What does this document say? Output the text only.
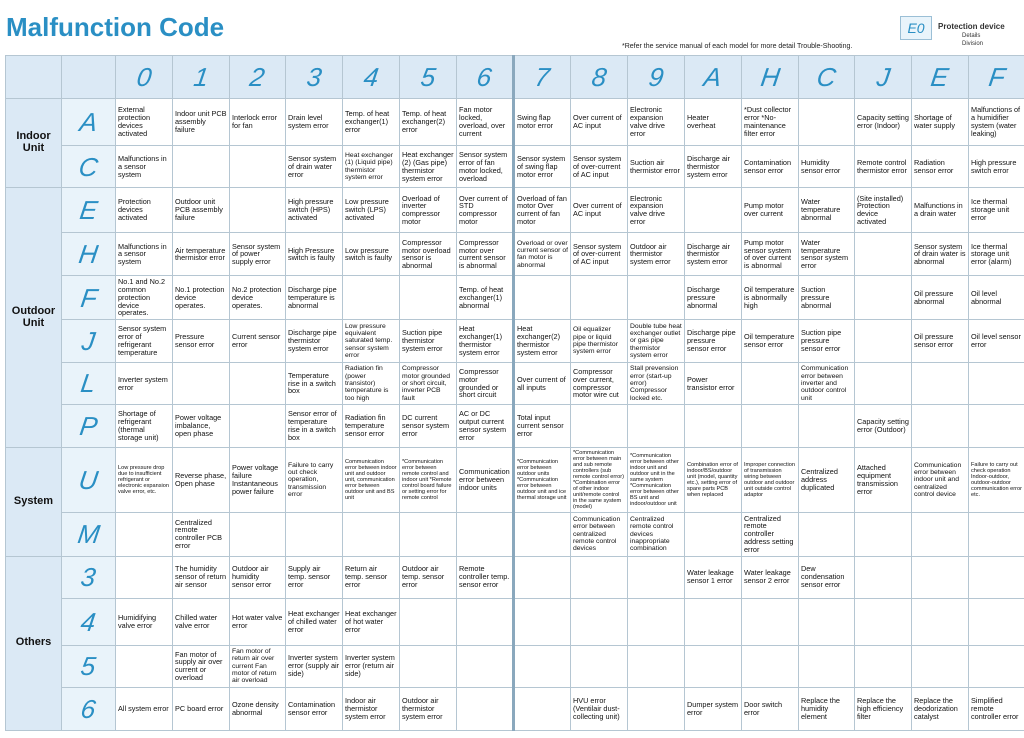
Malfunction Code
*Refer the service manual of each model for more detail Trouble-Shooting.
E0	Protection device
Details
Division
		0	1	2	3	4	5	6	7	8	9	A	H	C	J	E	F
Indoor Unit	A	External protection devices activated	Indoor unit PCB assembly failure	Interlock error for fan	Drain level system error	Temp. of heat exchanger(1) error	Temp. of heat exchanger(2) error	Fan motor locked, overload, over current	Swing flap motor error	Over current of AC input	Electronic expansion valve drive error	Heater overheat	*Dust collector error *No-maintenance filter error		Capacity setting error (Indoor)	Shortage of water supply	Malfunctions of a humidifier system (water leaking)
	C	Malfunctions in a sensor system			Sensor system of drain water error	Heat exchanger (1) (Liquid pipe) thermistor system error	Heat exchanger (2) (Gas pipe) thermistor system error	Sensor system error of fan motor locked, overload	Sensor system of swing flap motor error	Sensor system of over-current of AC input	Suction air thermistor error	Discharge air thermistor system error	Contamination sensor error	Humidity sensor error	Remote control thermistor error	Radiation sensor error	High pressure switch error
Outdoor Unit	E	Protection devices activated	Outdoor unit PCB assembly failure		High pressure switch (HPS) activated	Low pressure switch (LPS) activated	Overload of inverter compressor motor	Over current of STD compressor motor	Overload of fan motor Over current of fan motor	Over current of AC input	Electronic expansion valve drive error		Pump motor over current	Water temperature abnormal	(Site installed) Protection device activated	Malfunctions in a drain water	Ice thermal storage unit error
	H	Malfunctions in a sensor system	Air temperature thermistor error	Sensor system of power supply error	High Pressure switch is faulty	Low pressure switch is faulty	Compressor motor overload sensor is abnormal	Compressor motor over current sensor is abnormal	Overload or over current sensor of fan motor is abnormal	Sensor system of over-current of AC input	Outdoor air thermistor system error	Discharge air thermistor system error	Pump motor sensor system of over current is abnormal	Water temperature sensor system error		Sensor system of drain water is abnormal	Ice thermal storage unit error (alarm)
	F	No.1 and No.2 common protection device operates.	No.1 protection device operates.	No.2 protection device operates.	Discharge pipe temperature is abnormal			Temp. of heat exchanger(1) abnormal				Discharge pressure abnormal	Oil temperature is abnormally high	Suction pressure abnormal		Oil pressure abnormal	Oil level abnormal
	J	Sensor system error of refrigerant temperature	Pressure sensor error	Current sensor error	Discharge pipe thermistor system error	Low pressure equivalent saturated temp. sensor system error	Suction pipe thermistor system error	Heat exchanger(1) thermistor system error	Heat exchanger(2) thermistor system error	Oil equalizer pipe or liquid pipe thermistor system error	Double tube heat exchanger outlet or gas pipe thermistor system error	Discharge pipe pressure sensor error	Oil temperature sensor error	Suction pipe pressure sensor error		Oil pressure sensor error	Oil level sensor error
	L	Inverter system error			Temperature rise in a switch box	Radiation fin (power transistor) temperature is too high	Compressor motor grounded or short circuit, inverter PCB fault	Compressor motor grounded or short circuit	Over current of all inputs	Compressor over current, compressor motor wire cut	Stall prevension error (start-up error) Compressor locked etc.	Power transistor error		Communication error between inverter and outdoor control unit			
	P	Shortage of refrigerant (thermal storage unit)	Power voltage imbalance, open phase		Sensor error of temperature rise in a switch box	Radiation fin temperature sensor error	DC current sensor system error	AC or DC output current sensor system error	Total input current sensor error						Capacity setting error (Outdoor)		
System	U	Low pressure drop due to insufficient refrigerant or electronic expansion valve error, etc.	Reverse phase, Open phase	Power voltage failure Instantaneous power failure	Failure to carry out check operation, transmission error	Communication error between indoor unit and outdoor unit, communication error between outdoor unit and BS unit	*Communication error between remote control and indoor unit *Remote control board failure or setting error for remote control	Communication error between indoor units	*Communication error between outdoor units *Communication error between outdoor unit and ice thermal storage unit	*Communication error between main and sub remote controllers (sub remote control error) *Combination error of other indoor unit/remote control in the same system (model)	*Communication error between other indoor unit and outdoor unit in the same system *Communication error between other BS unit and indoor/outdoor unit	Combination error of indoor/BS/outdoor unit (model, quantity etc.), setting error of spare parts PCB when replaced	Improper connection of transmission wiring between outdoor and outdoor unit outside control adaptor	Centralized address duplicated	Attached equipment transmission error	Communication error between indoor unit and centralized control device	Failure to carry out check operation Indoor-outdoor, outdoor-outdoor communication error etc.
	M		Centralized remote controller PCB error							Communication error between centralized remote control devices	Centralized remote control devices inappropriate combination		Centralized remote controller address setting error				
Others	3		The humidity sensor of return air sensor	Outdoor air humidity sensor error	Supply air temp. sensor error	Return air temp. sensor error	Outdoor air temp. sensor error	Remote controller temp. sensor error				Water leakage sensor 1 error	Water leakage sensor 2 error	Dew condensation sensor error			
	4	Humidifying valve error	Chilled water valve error	Hot water valve error	Heat exchanger of chilled water error	Heat exchanger of hot water error											
	5		Fan motor of supply air over current or overload	Fan motor of return air over current Fan motor of return air overload	Inverter system error (supply air side)	Inverter system error (return air side)											
	6	All system error	PC board error	Ozone density abnormal	Contamination sensor error	Indoor air thermistor system error	Outdoor air thermistor system error			HVU error (Ventilair dust-collecting unit)		Dumper system error	Door switch error	Replace the humidity element	Replace the high efficiency filter	Replace the deodorization catalyst	Simplified remote controller error
